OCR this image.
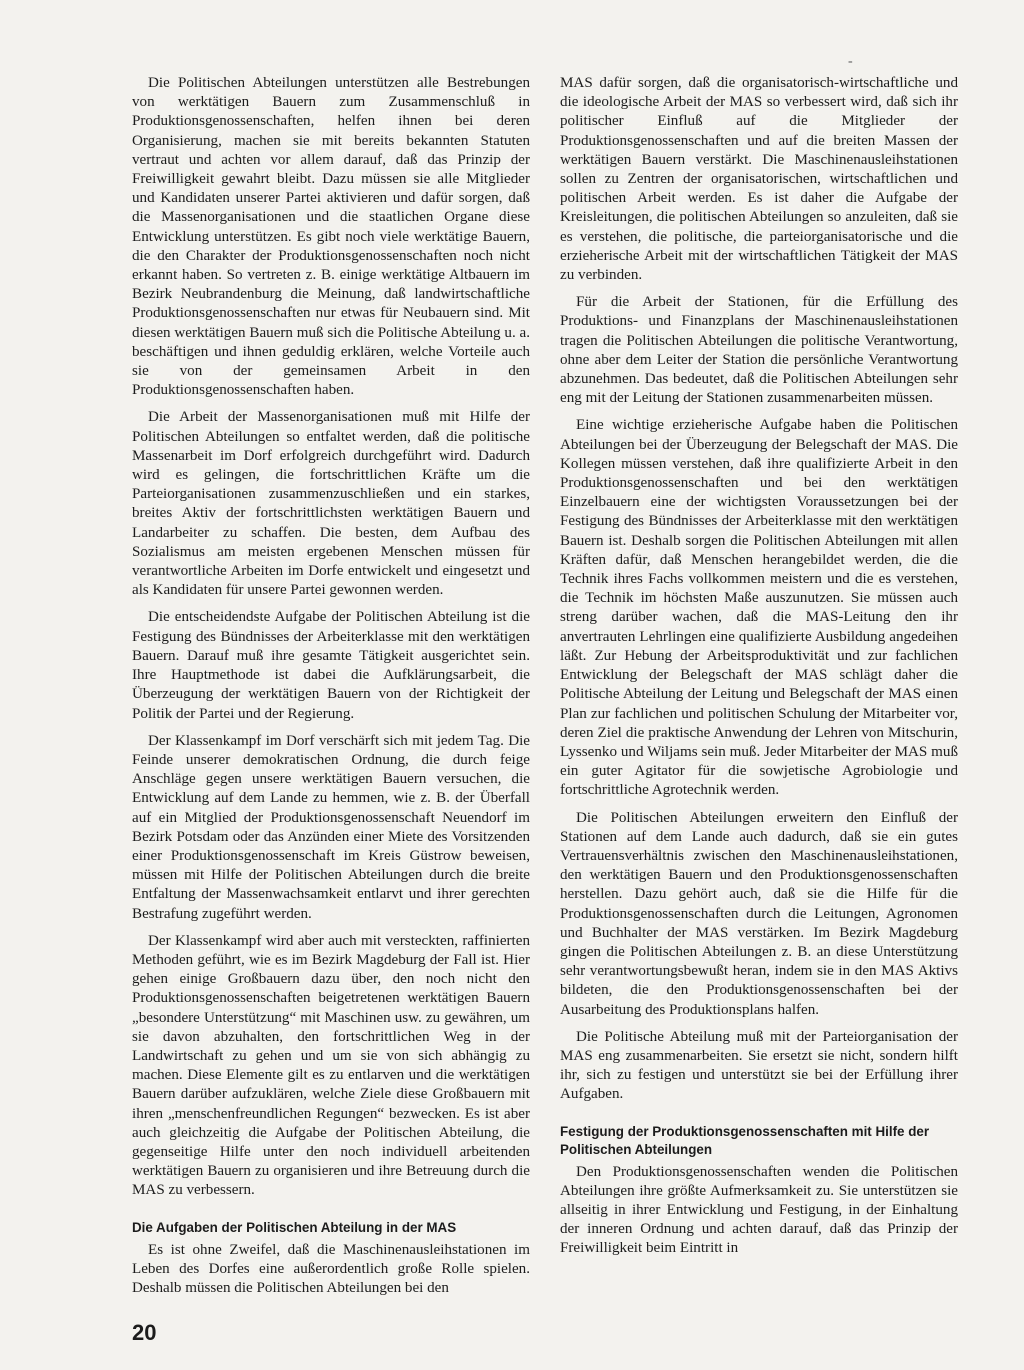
-

Die Politischen Abteilungen unterstützen alle Bestrebungen von werktätigen Bauern zum Zusammenschluß in Produktionsgenossenschaften, helfen ihnen bei deren Organisierung, machen sie mit bereits bekannten Statuten vertraut und achten vor allem darauf, daß das Prinzip der Freiwilligkeit gewahrt bleibt. Dazu müssen sie alle Mitglieder und Kandidaten unserer Partei aktivieren und dafür sorgen, daß die Massenorganisationen und die staatlichen Organe diese Entwicklung unterstützen. Es gibt noch viele werktätige Bauern, die den Charakter der Produktionsgenossenschaften noch nicht erkannt haben. So vertreten z. B. einige werktätige Altbauern im Bezirk Neubrandenburg die Meinung, daß landwirtschaftliche Produktionsgenossenschaften nur etwas für Neubauern sind. Mit diesen werktätigen Bauern muß sich die Politische Abteilung u. a. beschäftigen und ihnen geduldig erklären, welche Vorteile auch sie von der gemeinsamen Arbeit in den Produktionsgenossenschaften haben.

Die Arbeit der Massenorganisationen muß mit Hilfe der Politischen Abteilungen so entfaltet werden, daß die politische Massenarbeit im Dorf erfolgreich durchgeführt wird. Dadurch wird es gelingen, die fortschrittlichen Kräfte um die Parteiorganisationen zusammenzuschließen und ein starkes, breites Aktiv der fortschrittlichsten werktätigen Bauern und Landarbeiter zu schaffen. Die besten, dem Aufbau des Sozialismus am meisten ergebenen Menschen müssen für verantwortliche Arbeiten im Dorfe entwickelt und eingesetzt und als Kandidaten für unsere Partei gewonnen werden.

Die entscheidendste Aufgabe der Politischen Abteilung ist die Festigung des Bündnisses der Arbeiterklasse mit den werktätigen Bauern. Darauf muß ihre gesamte Tätigkeit ausgerichtet sein. Ihre Hauptmethode ist dabei die Aufklärungsarbeit, die Überzeugung der werktätigen Bauern von der Richtigkeit der Politik der Partei und der Regierung.

Der Klassenkampf im Dorf verschärft sich mit jedem Tag. Die Feinde unserer demokratischen Ordnung, die durch feige Anschläge gegen unsere werktätigen Bauern versuchen, die Entwicklung auf dem Lande zu hemmen, wie z. B. der Überfall auf ein Mitglied der Produktionsgenossenschaft Neuendorf im Bezirk Potsdam oder das Anzünden einer Miete des Vorsitzenden einer Produktionsgenossenschaft im Kreis Güstrow beweisen, müssen mit Hilfe der Politischen Abteilungen durch die breite Entfaltung der Massenwachsamkeit entlarvt und ihrer gerechten Bestrafung zugeführt werden.

Der Klassenkampf wird aber auch mit versteckten, raffinierten Methoden geführt, wie es im Bezirk Magdeburg der Fall ist. Hier gehen einige Großbauern dazu über, den noch nicht den Produktionsgenossenschaften beigetretenen werktätigen Bauern „besondere Unterstützung“ mit Maschinen usw. zu gewähren, um sie davon abzuhalten, den fortschrittlichen Weg in der Landwirtschaft zu gehen und um sie von sich abhängig zu machen. Diese Elemente gilt es zu entlarven und die werktätigen Bauern darüber aufzuklären, welche Ziele diese Großbauern mit ihren „menschenfreundlichen Regungen“ bezwecken. Es ist aber auch gleichzeitig die Aufgabe der Politischen Abteilung, die gegenseitige Hilfe unter den noch individuell arbeitenden werktätigen Bauern zu organisieren und ihre Betreuung durch die MAS zu verbessern.

Die Aufgaben der Politischen Abteilung in der MAS

Es ist ohne Zweifel, daß die Maschinenausleihstationen im Leben des Dorfes eine außerordentlich große Rolle spielen. Deshalb müssen die Politischen Abteilungen bei den

MAS dafür sorgen, daß die organisatorisch-wirtschaftliche und die ideologische Arbeit der MAS so verbessert wird, daß sich ihr politischer Einfluß auf die Mitglieder der Produktionsgenossenschaften und auf die breiten Massen der werktätigen Bauern verstärkt. Die Maschinenausleihstationen sollen zu Zentren der organisatorischen, wirtschaftlichen und politischen Arbeit werden. Es ist daher die Aufgabe der Kreisleitungen, die politischen Abteilungen so anzuleiten, daß sie es verstehen, die politische, die parteiorganisatorische und die erzieherische Arbeit mit der wirtschaftlichen Tätigkeit der MAS zu verbinden.

Für die Arbeit der Stationen, für die Erfüllung des Produktions- und Finanzplans der Maschinenausleihstationen tragen die Politischen Abteilungen die politische Verantwortung, ohne aber dem Leiter der Station die persönliche Verantwortung abzunehmen. Das bedeutet, daß die Politischen Abteilungen sehr eng mit der Leitung der Stationen zusammenarbeiten müssen.

Eine wichtige erzieherische Aufgabe haben die Politischen Abteilungen bei der Überzeugung der Belegschaft der MAS. Die Kollegen müssen verstehen, daß ihre qualifizierte Arbeit in den Produktionsgenossenschaften und bei den werktätigen Einzelbauern eine der wichtigsten Voraussetzungen bei der Festigung des Bündnisses der Arbeiterklasse mit den werktätigen Bauern ist. Deshalb sorgen die Politischen Abteilungen mit allen Kräften dafür, daß Menschen herangebildet werden, die die Technik ihres Fachs vollkommen meistern und die es verstehen, die Technik im höchsten Maße auszunutzen. Sie müssen auch streng darüber wachen, daß die MAS-Leitung den ihr anvertrauten Lehrlingen eine qualifizierte Ausbildung angedeihen läßt. Zur Hebung der Arbeitsproduktivität und zur fachlichen Entwicklung der Belegschaft der MAS schlägt daher die Politische Abteilung der Leitung und Belegschaft der MAS einen Plan zur fachlichen und politischen Schulung der Mitarbeiter vor, deren Ziel die praktische Anwendung der Lehren von Mitschurin, Lyssenko und Wiljams sein muß. Jeder Mitarbeiter der MAS muß ein guter Agitator für die sowjetische Agrobiologie und fortschrittliche Agrotechnik werden.

Die Politischen Abteilungen erweitern den Einfluß der Stationen auf dem Lande auch dadurch, daß sie ein gutes Vertrauensverhältnis zwischen den Maschinenausleihstationen, den werktätigen Bauern und den Produktionsgenossenschaften herstellen. Dazu gehört auch, daß sie die Hilfe für die Produktionsgenossenschaften durch die Leitungen, Agronomen und Buchhalter der MAS verstärken. Im Bezirk Magdeburg gingen die Politischen Abteilungen z. B. an diese Unterstützung sehr verantwortungsbewußt heran, indem sie in den MAS Aktivs bildeten, die den Produktionsgenossenschaften bei der Ausarbeitung des Produktionsplans halfen.

Die Politische Abteilung muß mit der Parteiorganisation der MAS eng zusammenarbeiten. Sie ersetzt sie nicht, sondern hilft ihr, sich zu festigen und unterstützt sie bei der Erfüllung ihrer Aufgaben.

Festigung der Produktionsgenossenschaften mit Hilfe der Politischen Abteilungen

Den Produktionsgenossenschaften wenden die Politischen Abteilungen ihre größte Aufmerksamkeit zu. Sie unterstützen sie allseitig in ihrer Entwicklung und Festigung, in der Einhaltung der inneren Ordnung und achten darauf, daß das Prinzip der Freiwilligkeit beim Eintritt in

20
